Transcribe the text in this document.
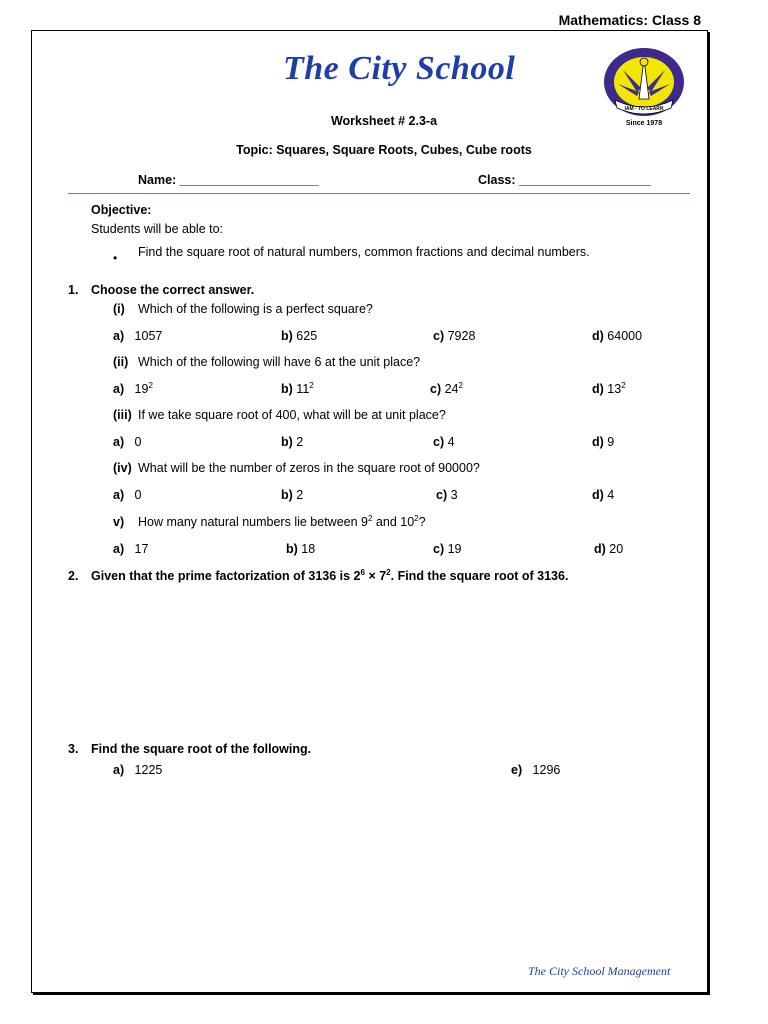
Mathematics: Class 8
The City School
IAM - TO LEARN
Since 1978
Worksheet # 2.3-a
Topic: Squares, Square Roots, Cubes, Cube roots
Name: ____________________	Class: ___________________
Objective:
Students will be able to:
• Find the square root of natural numbers, common fractions and decimal numbers.
1. Choose the correct answer.
(i) Which of the following is a perfect square?
a) 1057	b) 625	c) 7928	d) 64000
(ii) Which of the following will have 6 at the unit place?
a) $19^2$	b) $11^2$	c) $24^2$	d) $13^2$
(iii) If we take square root of 400, what will be at unit place?
a) 0	b) 2	c) 4	d) 9
(iv) What will be the number of zeros in the square root of 90000?
a) 0	b) 2	c) 3	d) 4
v) How many natural numbers lie between $9^2$ and $10^2$?
a) 17	b) 18	c) 19	d) 20
2. Given that the prime factorization of 3136 is $2^6 \times 7^2$. Find the square root of 3136.
3. Find the square root of the following.
a) 1225	e) 1296
The City School Management
